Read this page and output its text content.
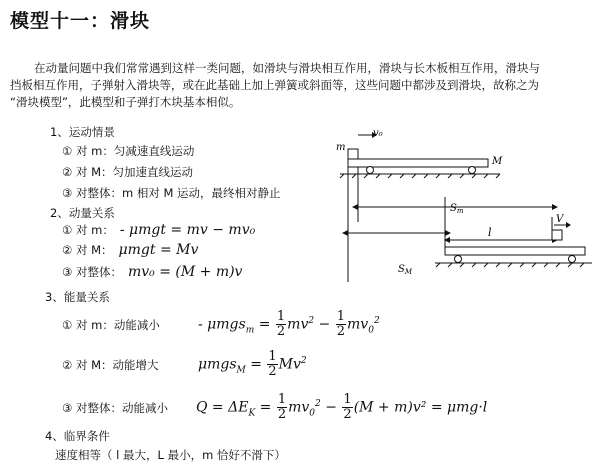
模型十一：滑块

在动量问题中我们常常遇到这样一类问题，如滑块与滑块相互作用，滑块与长木板相互作用，滑块与

挡板相互作用，子弹射入滑块等，或在此基础上加上弹簧或斜面等，这些问题中都涉及到滑块，故称之为

“滑块模型”，此模型和子弹打木块基本相似。

1、运动情景
① 对 m：匀减速直线运动
② 对 M：匀加速直线运动
③ 对整体：m 相对 M 运动，最终相对静止
2、动量关系
① 对 m： - μmgt = mv − mv₀
② 对 M： μmgt = Mv
③ 对整体： mv₀ = (M + m)v
3、能量关系
① 对 m：动能减小	- $\mu mgs_m = \frac{1}{2} mv^2 - \frac{1}{2} mv_0^2$
② 对 M：动能增大	$\mu mgs_M = \frac{1}{2} Mv^2$
③ 对整体：动能减小	$Q = \Delta E_K = \frac{1}{2} mv_0^2 - \frac{1}{2} (M + m)v^2 = \mu mg\cdot l$
4、临界条件
速度相等（ l 最大，L 最小，m 恰好不滑下）
v₀
m
M
$S_m$
l
V
$S_M$
